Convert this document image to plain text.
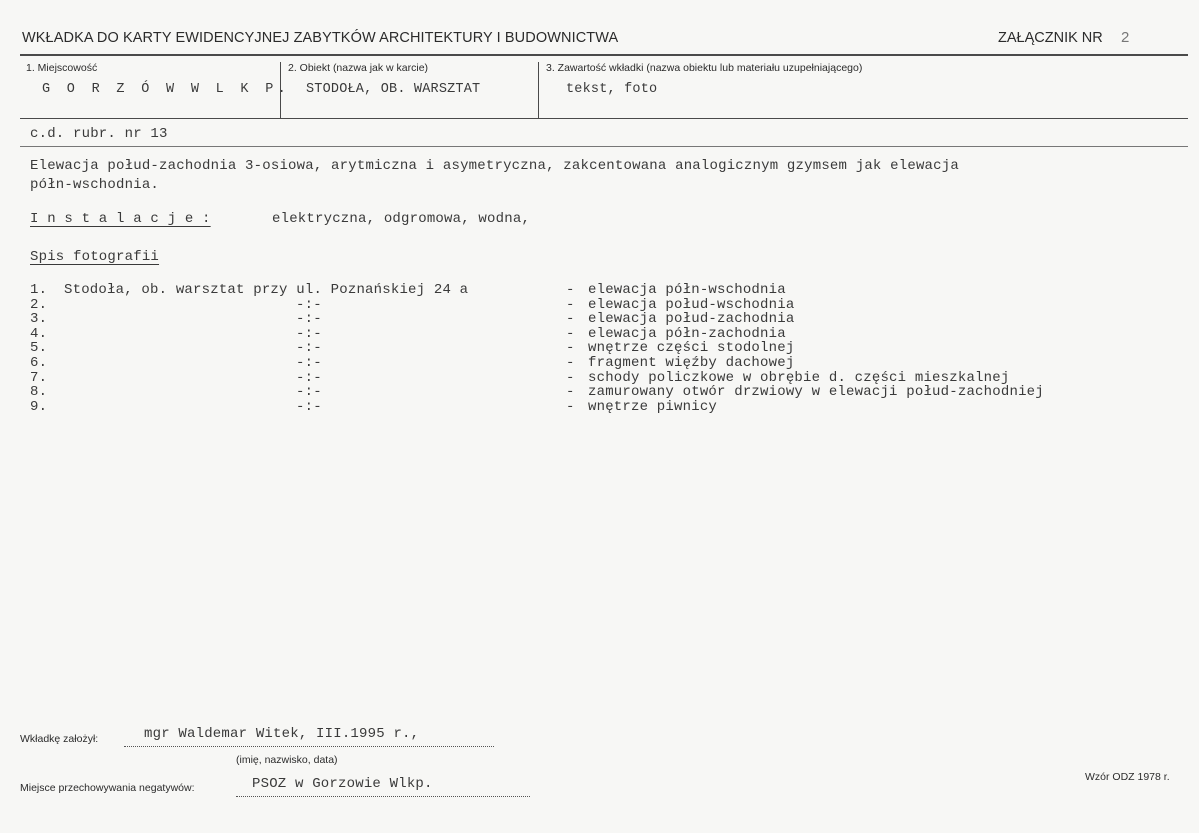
WKŁADKA DO KARTY EWIDENCYJNEJ ZABYTKÓW ARCHITEKTURY I BUDOWNICTWA	ZAŁĄCZNIK NR 2
1. Miejscowość	2. Obiekt (nazwa jak w karcie)	3. Zawartość wkładki (nazwa obiektu lub materiału uzupełniającego)
G O R Z Ó W W L K P. STODOŁA, OB. WARSZTAT	tekst, foto
c.d. rubr. nr 13
Elewacja połud-zachodnia 3-osiowa, arytmiczna i asymetryczna, zakcentowana analogicznym gzymsem jak elewacja
półn-wschodnia.
I n s t a l a c j e :	elektryczna, odgromowa, wodna,
Spis fotografii
1. Stodoła, ob. warsztat przy ul. Poznańskiej 24 a	- elewacja półn-wschodnia
2.	-:-	- elewacja połud-wschodnia
3.	-:-	- elewacja połud-zachodnia
4.	-:-	- elewacja półn-zachodnia
5.	-:-	- wnętrze części stodolnej
6.	-:-	- fragment więźby dachowej
7.	-:-	- schody policzkowe w obrębie d. części mieszkalnej
8.	-:-	- zamurowany otwór drzwiowy w elewacji połud-zachodniej
9.	-:-	- wnętrze piwnicy
Wkładkę założył:	mgr Waldemar Witek, III.1995 r.,
(imię, nazwisko, data)
Miejsce przechowywania negatywów:	PSOZ w Gorzowie Wlkp.	Wzór ODZ 1978 r.
